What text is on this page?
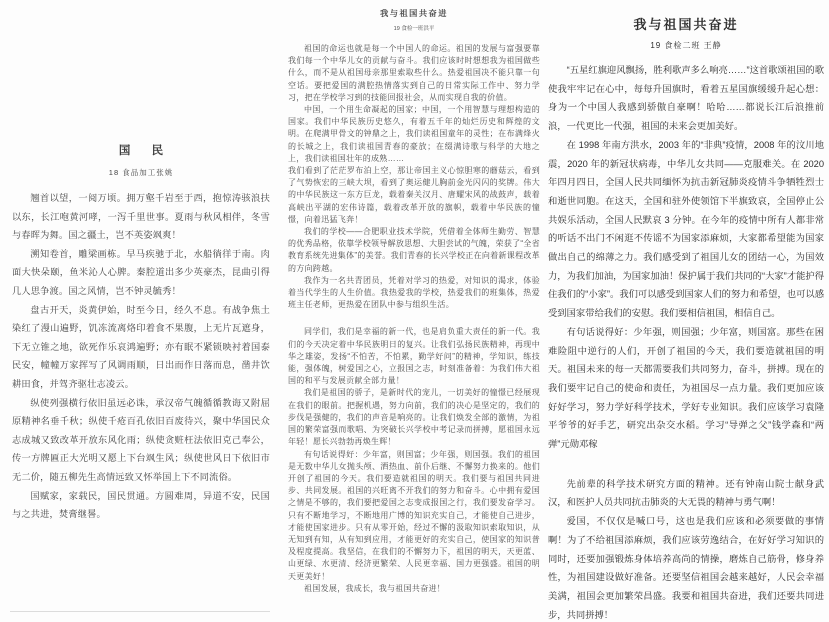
国 民
18 食品加工张姚

翘首以望，一阅万顷。拥万壑千岩至于西，抱惊涛骇浪扶以东，长江咆黄河哮，一泻千里世事。夏雨与秋风相伴，冬雪与春晖为舞。国之疆土，岂不英姿飒爽！

溯知卷首，雕梁画栋。早马疾驰于北，水船徜徉于南。肉面大快朵颐，鱼米沁人心脾。秦腔道出多少英豪杰，昆曲引得几人思争渡。国之风情，岂不钟灵毓秀！

盘古开天，炎黄伊始，时至今日，经久不息。有战争焦土染红了漫山遍野，饥冻流离烙印着食不果腹，上无片瓦遮身，下无立锥之地，欲死作乐哀鸿遍野；亦有眠不紧锁映衬着国泰民安，幢幢万家挥写了风调雨顺，日出而作日落而息，凿井饮耕田食，并驾齐驱壮志凌云。

纵使列强横行依旧虽远必诛，承汉帝气魄循循教诲又附屈原精神名垂千秋；纵使千疮百孔依旧百废待兴，聚中华国民众志成城又致改革开放东风化雨；纵使贪赃枉法依旧克己奉公，传一方牌匾正大光明又愿上下台飒生风；纵使世风日下依旧市无二价，随五柳先生高情远致又怀举国上下不同流俗。

国赋家，家载民，国民贯通。方圆难周，异道不安，民国与之共进，焚膏继晷。

我与祖国共奋进
19 食检一班洪平

祖国的命运也就是每一个中国人的命运。祖国的发展与富强要靠我们每一个中华儿女的贡献与奋斗。我们应该时时想想我为祖国做些什么，而不是从祖国母亲那里索取些什么。热爱祖国决不能只靠一句空话。要把爱国的满腔热情落实到自己的日常实际工作中、努力学习，把在学校学习到的技能回报社会，从而实现自我的价值。

中国，一个用生命凝起的国家；中国，一个用智慧与理想构造的国家。我们中华民族历史悠久，有着五千年的灿烂历史和辉煌的文明。在爬满甲骨文的钟鼎之上，我们读祖国童年的灵性；在布满烽火的长城之上，我们读祖国青春的豪放；在缀满诗歌与科学的大地之上，我们读祖国壮年的成熟……

我们看到了茫茫罗布泊上空，那让帝国主义心惊胆寒的蘑菇云，看到了气势恢宏的三峡大坝，看到了奥运健儿胸前金光闪闪的奖牌。伟大的中华民族这一东方巨龙，载着秦关汉月、唐耀宋风的战鼓声，载着高峡出平湖的宏伟诗篇，载着改革开放的旗帜，载着中华民族的憧憬，向着迅猛飞奔！

我们的学校——合肥职业技术学院，凭借着全体师生勤劳、智慧的优秀品格，依靠学校领导解放思想、大胆尝试的气魄，荣获了“全省教育系统先进集体”的美誉。我们青春的长兴学校正在向着新课程改革的方向跨越。

我作为一名共青团员，凭着对学习的热爱，对知识的渴求，体验着当代学生的人生价值。我热爱我的学校，热爱我们的班集体，热爱班主任老师，更热爱在团队中参与组织生活。

同学们，我们是幸福的新一代，也是肩负重大责任的新一代。我们的今天决定着中华民族明日的复兴。让我们弘扬民族精神，再现中华之雄姿，发扬“不怕苦，不怕累，勤学好问”的精神，学知识，练技能，强体魄，树爱国之心，立报国之志，时刻准备着：为我们伟大祖国的和平与发展贡献全部力量！

我们是祖国的骄子，是新时代的宠儿，一切美好的憧憬已经展现在我们的眼前。把握机遇，努力向前，我们的决心是坚定的，我们的步伐是强健的，我们的声音是响亮的。让我们焕发全部的激情，为祖国的繁荣富强而歌唱、为突破长兴学校中考记录而拼搏，愿祖国永远年轻！愿长兴勃勃再焕生辉！

有句话说得好：少年富，则国富；少年强，则国强。我们的祖国是无数中华儿女抛头颅、洒热血、前仆后继、不懈努力换来的。他们开创了祖国的今天。我们要造就祖国的明天。我们要与祖国共同进步、共同发展。祖国的兴旺离不开我们的努力和奋斗。心中拥有爱国之情是不够的，我们要把爱国之志变成报国之行，我们要发奋学习。只有不断地学习，不断地用广博的知识充实自己，才能使自己进步，才能使国家进步。只有从零开始，经过不懈的汲取知识索取知识，从无知到有知，从有知到应用，才能更好的充实自己，使国家的知识普及程度提高。我坚信，在我们的不懈努力下，祖国的明天，天更蓝、山更绿、水更清、经济更繁荣、人民更幸福、国力更强盛。祖国的明天更美好！

祖国发展，我成长，我与祖国共奋进！

我与祖国共奋进
19 食检二班 王静

“五星红旗迎风飘扬，胜利歌声多么响亮……”这首歌颂祖国的歌使我牢牢记在心中，每每升国旗时，看着五星国旗缓缓升起心想：身为一个中国人我感到骄傲自豪啊！哈哈……都说长江后浪推前浪，一代更比一代强，祖国的未来会更加美好。

在 1998 年南方洪水，2003 年的“非典”疫情，2008 年的汶川地震，2020 年的新冠状病毒，中华儿女共同——克服难关。在 2020 年四月四日，全国人民共同缅怀为抗击新冠肺炎疫情斗争牺牲烈士和逝世同胞。在这天，全国和驻外使领馆下半旗致哀，全国停止公共娱乐活动，全国人民默哀 3 分钟。在今年的疫情中所有人都非常的听话不出门不闲逛不传谣不为国家添麻烦，大家都希望能为国家做出自己的绵薄之力。我们感受到了祖国儿女的团结一心，为国效力，为我们加油，为国家加油！保护属于我们共同的“大家”才能护得住我们的“小家”。我们可以感受到国家人们的努力和希望，也可以感受到国家带给我们的安慰。我们要相信祖国，相信自己。

有句话说得好：少年强，则国强；少年富，则国富。那些在困难险阻中逆行的人们，开创了祖国的今天，我们要造就祖国的明天。祖国未来的每一天都需要我们共同努力，奋斗，拼搏。现在的我们要牢记自己的使命和责任，为祖国尽一点力量。我们更加应该好好学习，努力学好科学技术，学好专业知识。我们应该学习袁隆平爷爷的好手艺，研究出杂交水稻。学习“导弹之父”钱学森和“两弹”元勋邓稼

先前辈的科学技术研究方面的精神。还有钟南山院士献身武汉，和医护人员共同抗击肺炎的大无畏的精神与勇气啊！

爱国，不仅仅是喊口号，这也是我们应该和必须要做的事情啊！为了不给祖国添麻烦，我们应该劳逸结合，在好好学习知识的同时，还要加强锻炼身体培养高尚的情操，磨炼自己筋骨，修身养性，为祖国建设做好准备。还要坚信祖国会越来越好，人民会幸福美满，祖国会更加繁荣昌盛。我要和祖国共奋进，我们还要共同进步，共同拼搏！
